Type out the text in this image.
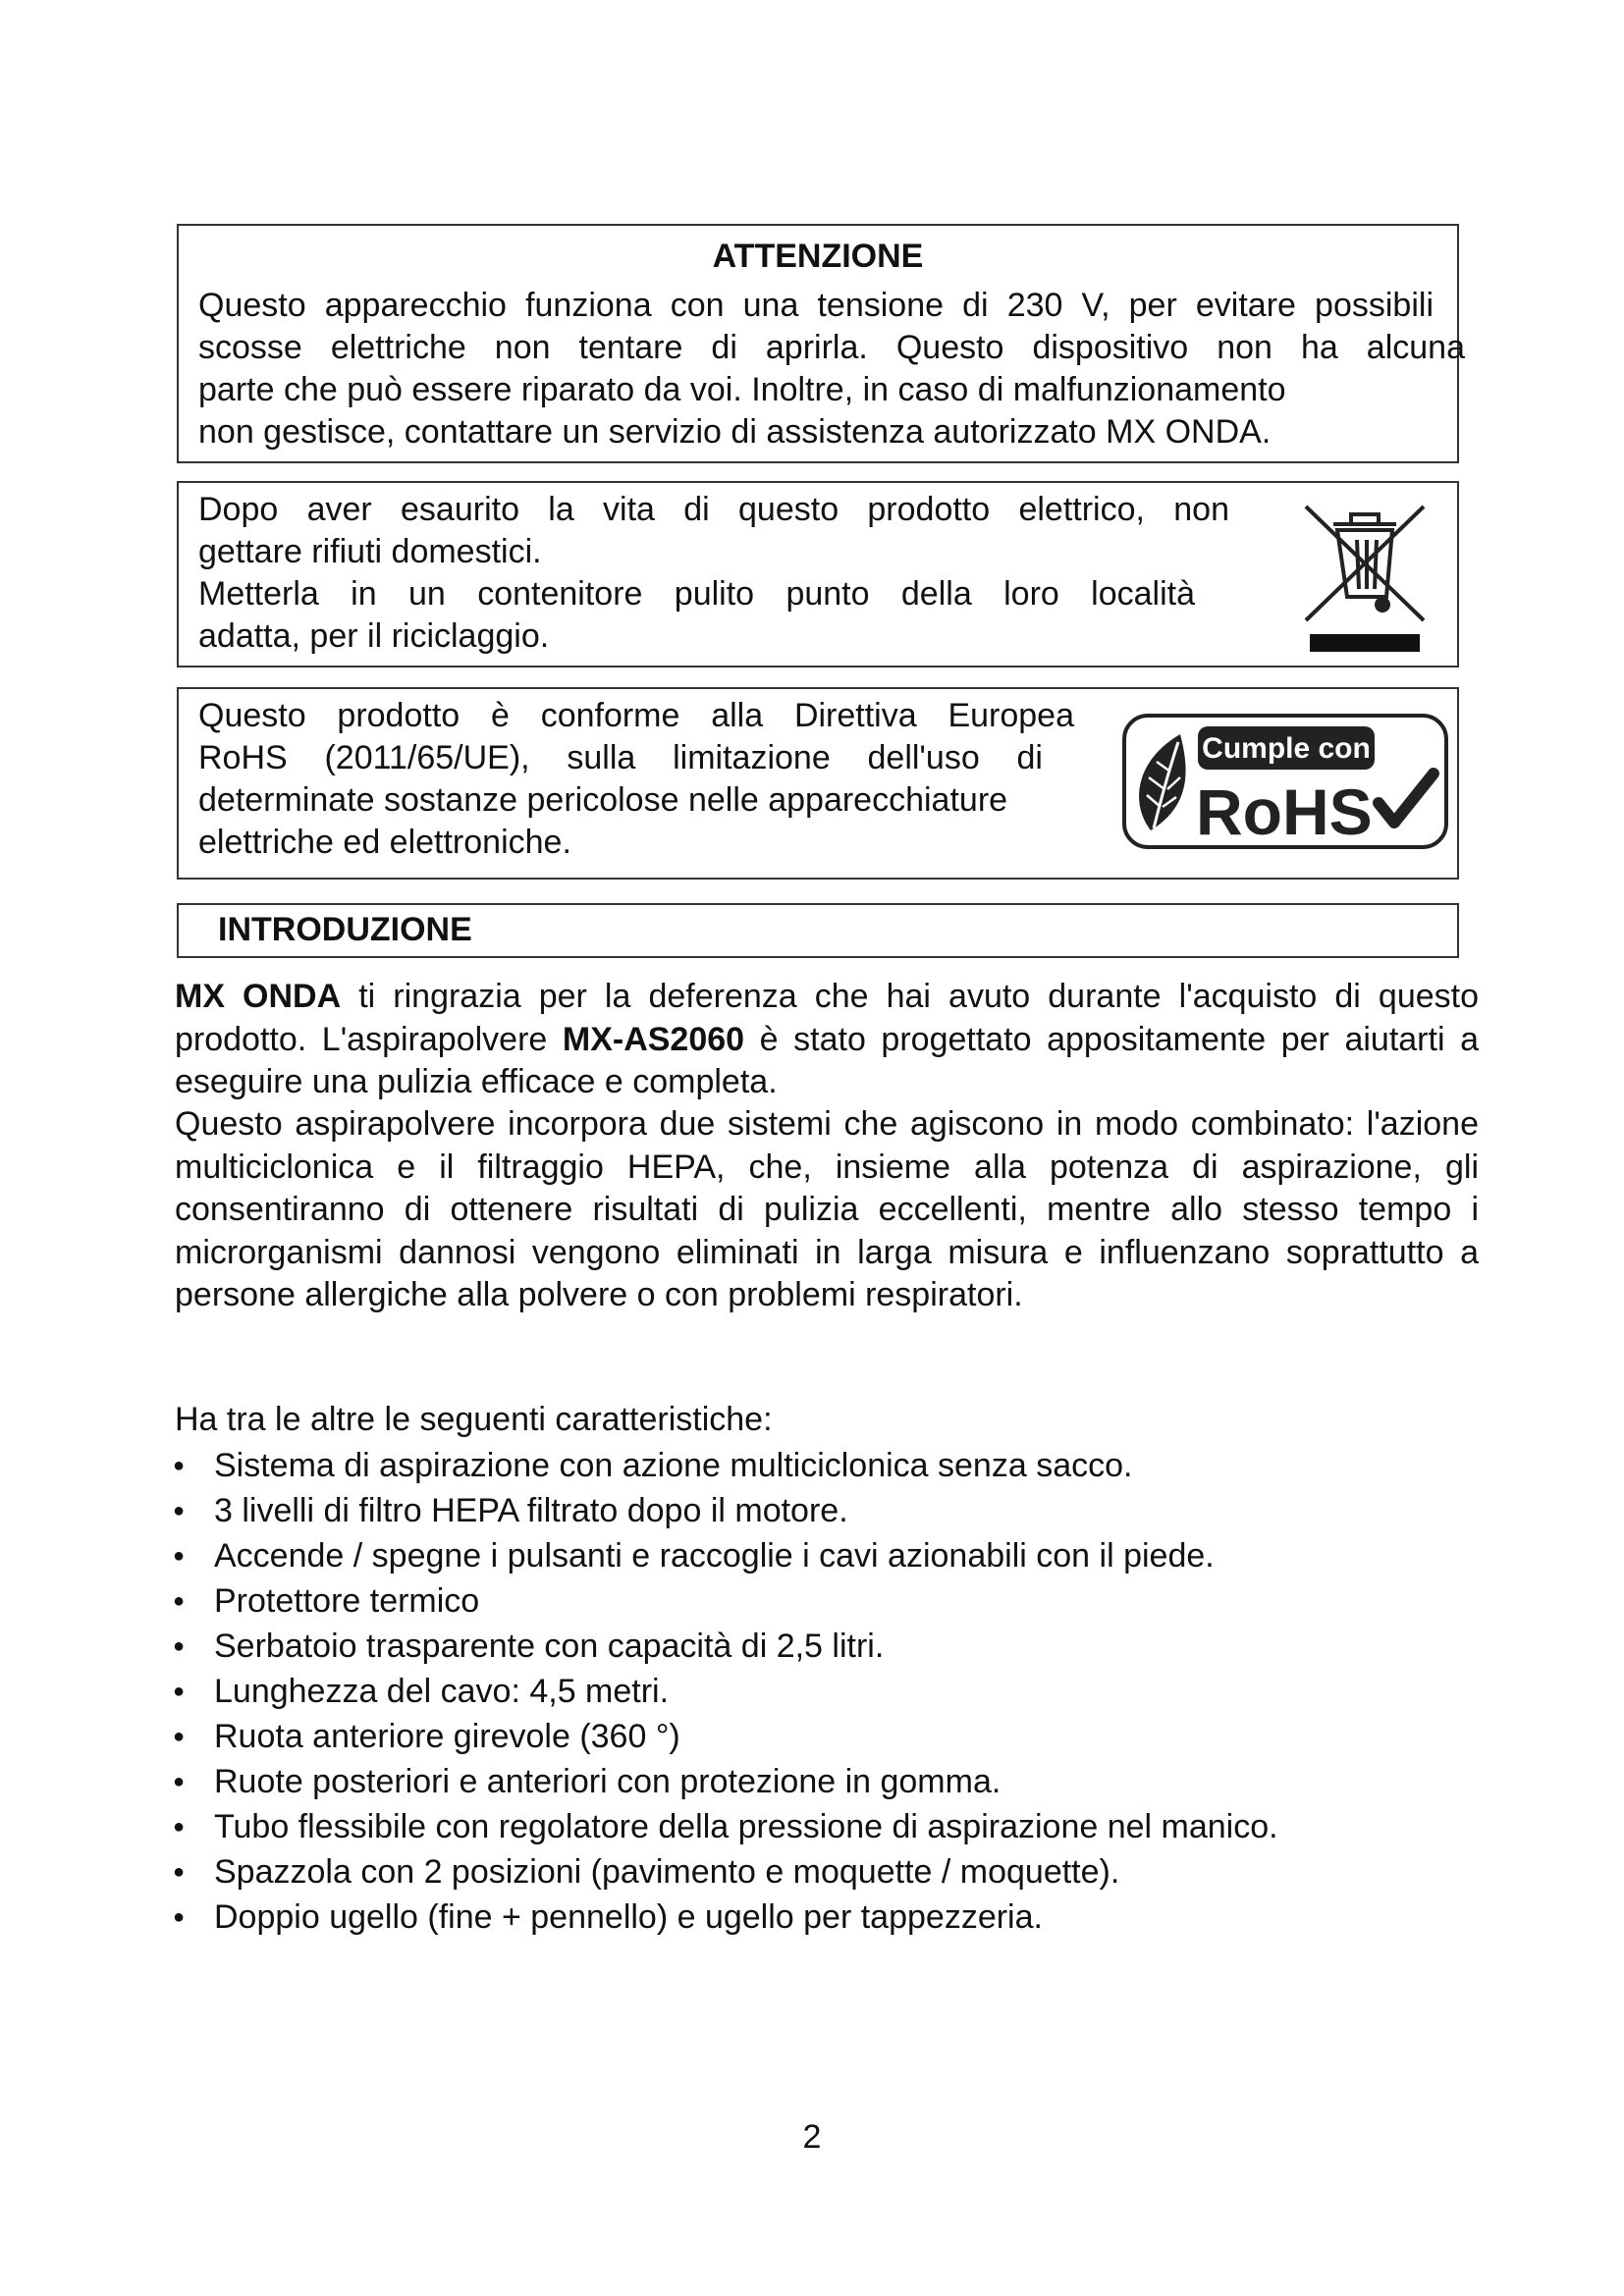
ATTENZIONE
Questo apparecchio funziona con una tensione di 230 V, per evitare possibili
scosse elettriche non tentare di aprirla. Questo dispositivo non ha alcuna
parte che può essere riparato da voi. Inoltre, in caso di malfunzionamento
non gestisce, contattare un servizio di assistenza autorizzato MX ONDA.
Dopo aver esaurito la vita di questo prodotto elettrico, non
gettare rifiuti domestici.
Metterla in un contenitore pulito punto della loro località
adatta, per il riciclaggio.
Questo prodotto è conforme alla Direttiva Europea
RoHS (2011/65/UE), sulla limitazione dell'uso di
determinate sostanze pericolose nelle apparecchiature
elettriche ed elettroniche.
Cumple con
RoHS
INTRODUZIONE
MX ONDA ti ringrazia per la deferenza che hai avuto durante l'acquisto di questo prodotto. L'aspirapolvere MX-AS2060 è stato progettato appositamente per aiutarti a eseguire una pulizia efficace e completa.
Questo aspirapolvere incorpora due sistemi che agiscono in modo combinato: l'azione multiciclonica e il filtraggio HEPA, che, insieme alla potenza di aspirazione, gli consentiranno di ottenere risultati di pulizia eccellenti, mentre allo stesso tempo i microrganismi dannosi vengono eliminati in larga misura e influenzano soprattutto a persone allergiche alla polvere o con problemi respiratori.
Ha tra le altre le seguenti caratteristiche:
● Sistema di aspirazione con azione multiciclonica senza sacco.
● 3 livelli di filtro HEPA filtrato dopo il motore.
● Accende / spegne i pulsanti e raccoglie i cavi azionabili con il piede.
● Protettore termico
● Serbatoio trasparente con capacità di 2,5 litri.
● Lunghezza del cavo: 4,5 metri.
● Ruota anteriore girevole (360 °)
● Ruote posteriori e anteriori con protezione in gomma.
● Tubo flessibile con regolatore della pressione di aspirazione nel manico.
● Spazzola con 2 posizioni (pavimento e moquette / moquette).
● Doppio ugello (fine + pennello) e ugello per tappezzeria.
2
